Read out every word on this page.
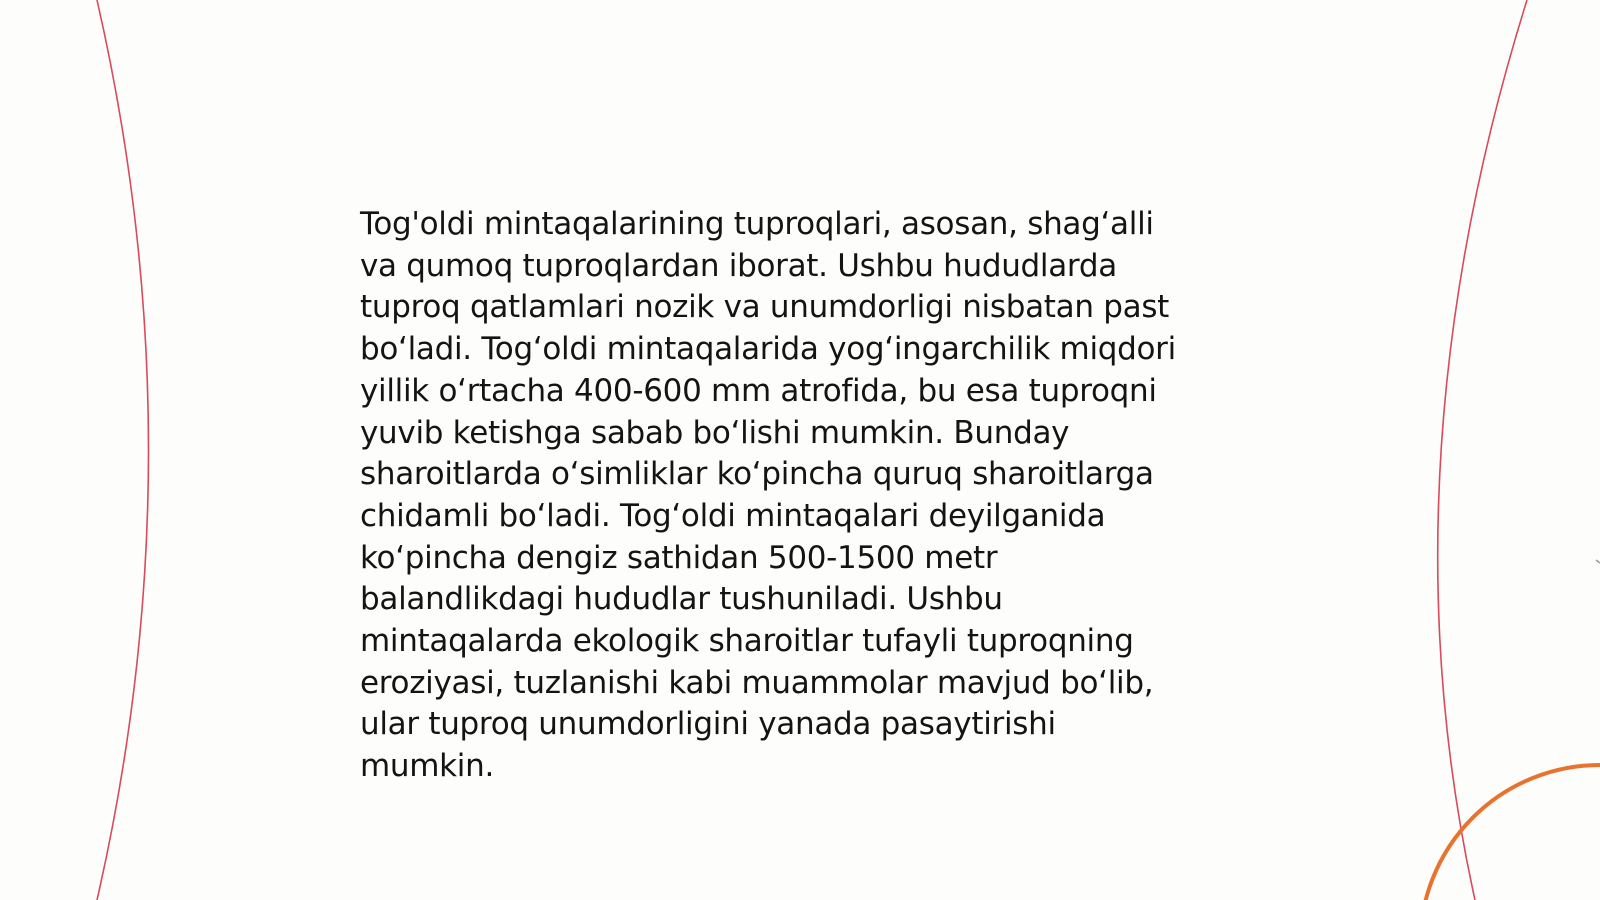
Tog'oldi mintaqalarining tuproqlari, asosan, shag‘alli
va qumoq tuproqlardan iborat. Ushbu hududlarda
tuproq qatlamlari nozik va unumdorligi nisbatan past
bo‘ladi. Tog‘oldi mintaqalarida yog‘ingarchilik miqdori
yillik o‘rtacha 400-600 mm atrofida, bu esa tuproqni
yuvib ketishga sabab bo‘lishi mumkin. Bunday
sharoitlarda o‘simliklar ko‘pincha quruq sharoitlarga
chidamli bo‘ladi. Tog‘oldi mintaqalari deyilganida
ko‘pincha dengiz sathidan 500-1500 metr
balandlikdagi hududlar tushuniladi. Ushbu
mintaqalarda ekologik sharoitlar tufayli tuproqning
eroziyasi, tuzlanishi kabi muammolar mavjud bo‘lib,
ular tuproq unumdorligini yanada pasaytirishi
mumkin.
